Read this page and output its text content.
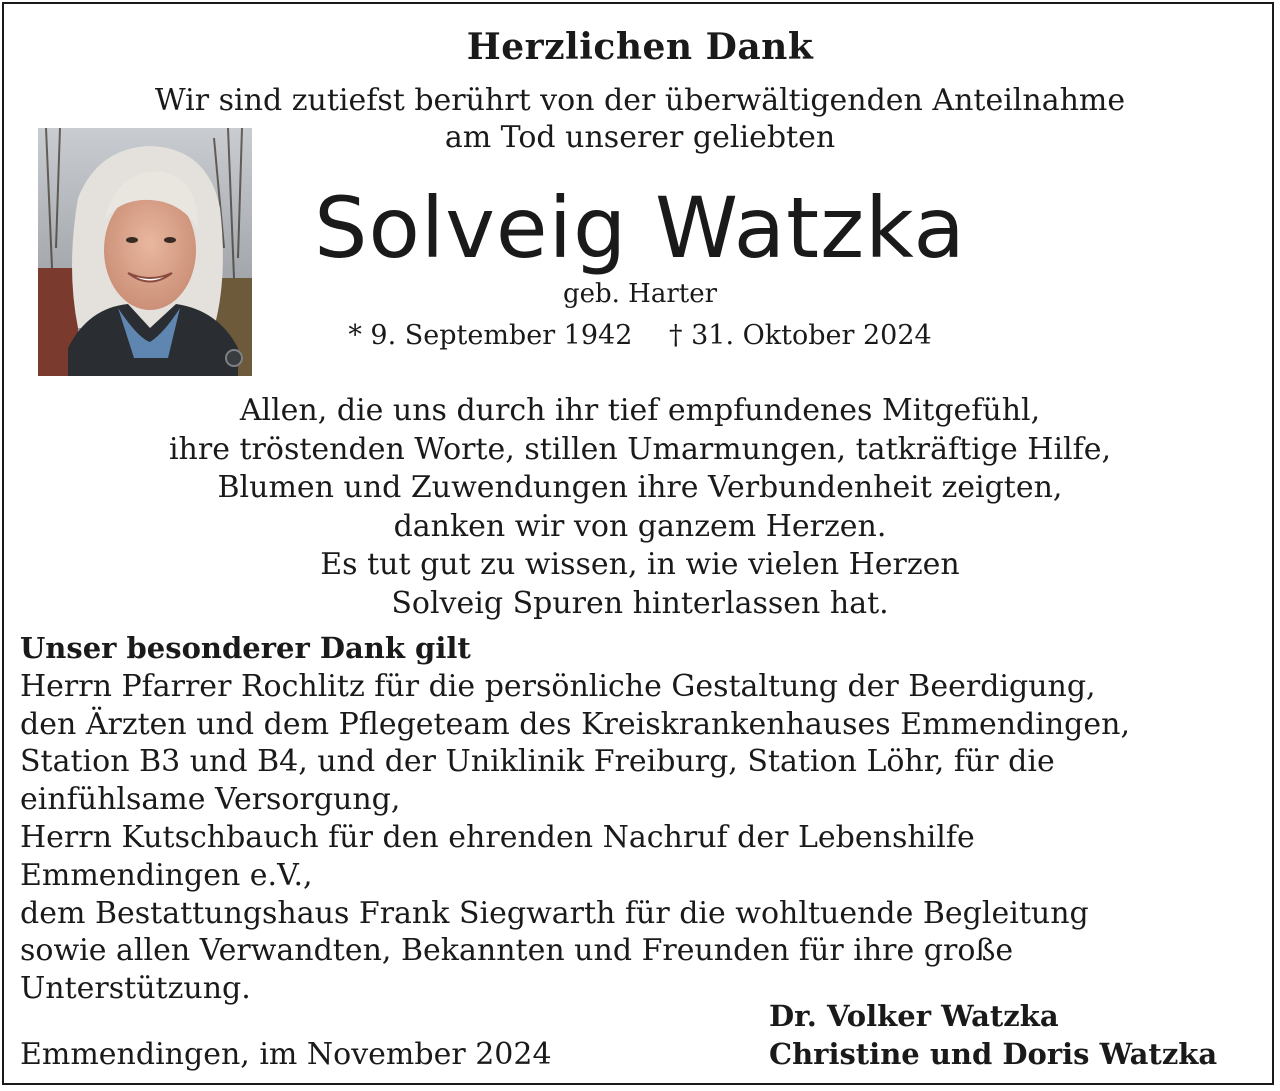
Herzlichen Dank
Wir sind zutiefst berührt von der überwältigenden Anteilnahme
am Tod unserer geliebten
Solveig Watzka
geb. Harter
* 9. September 1942 † 31. Oktober 2024
Allen, die uns durch ihr tief empfundenes Mitgefühl,
ihre tröstenden Worte, stillen Umarmungen, tatkräftige Hilfe,
Blumen und Zuwendungen ihre Verbundenheit zeigten,
danken wir von ganzem Herzen.
Es tut gut zu wissen, in wie vielen Herzen
Solveig Spuren hinterlassen hat.
Unser besonderer Dank gilt
Herrn Pfarrer Rochlitz für die persönliche Gestaltung der Beerdigung,
den Ärzten und dem Pflegeteam des Kreiskrankenhauses Emmendingen,
Station B3 und B4, und der Uniklinik Freiburg, Station Löhr, für die
einfühlsame Versorgung,
Herrn Kutschbauch für den ehrenden Nachruf der Lebenshilfe
Emmendingen e.V.,
dem Bestattungshaus Frank Siegwarth für die wohltuende Begleitung
sowie allen Verwandten, Bekannten und Freunden für ihre große
Unterstützung.
Emmendingen, im November 2024
Dr. Volker Watzka
Christine und Doris Watzka
